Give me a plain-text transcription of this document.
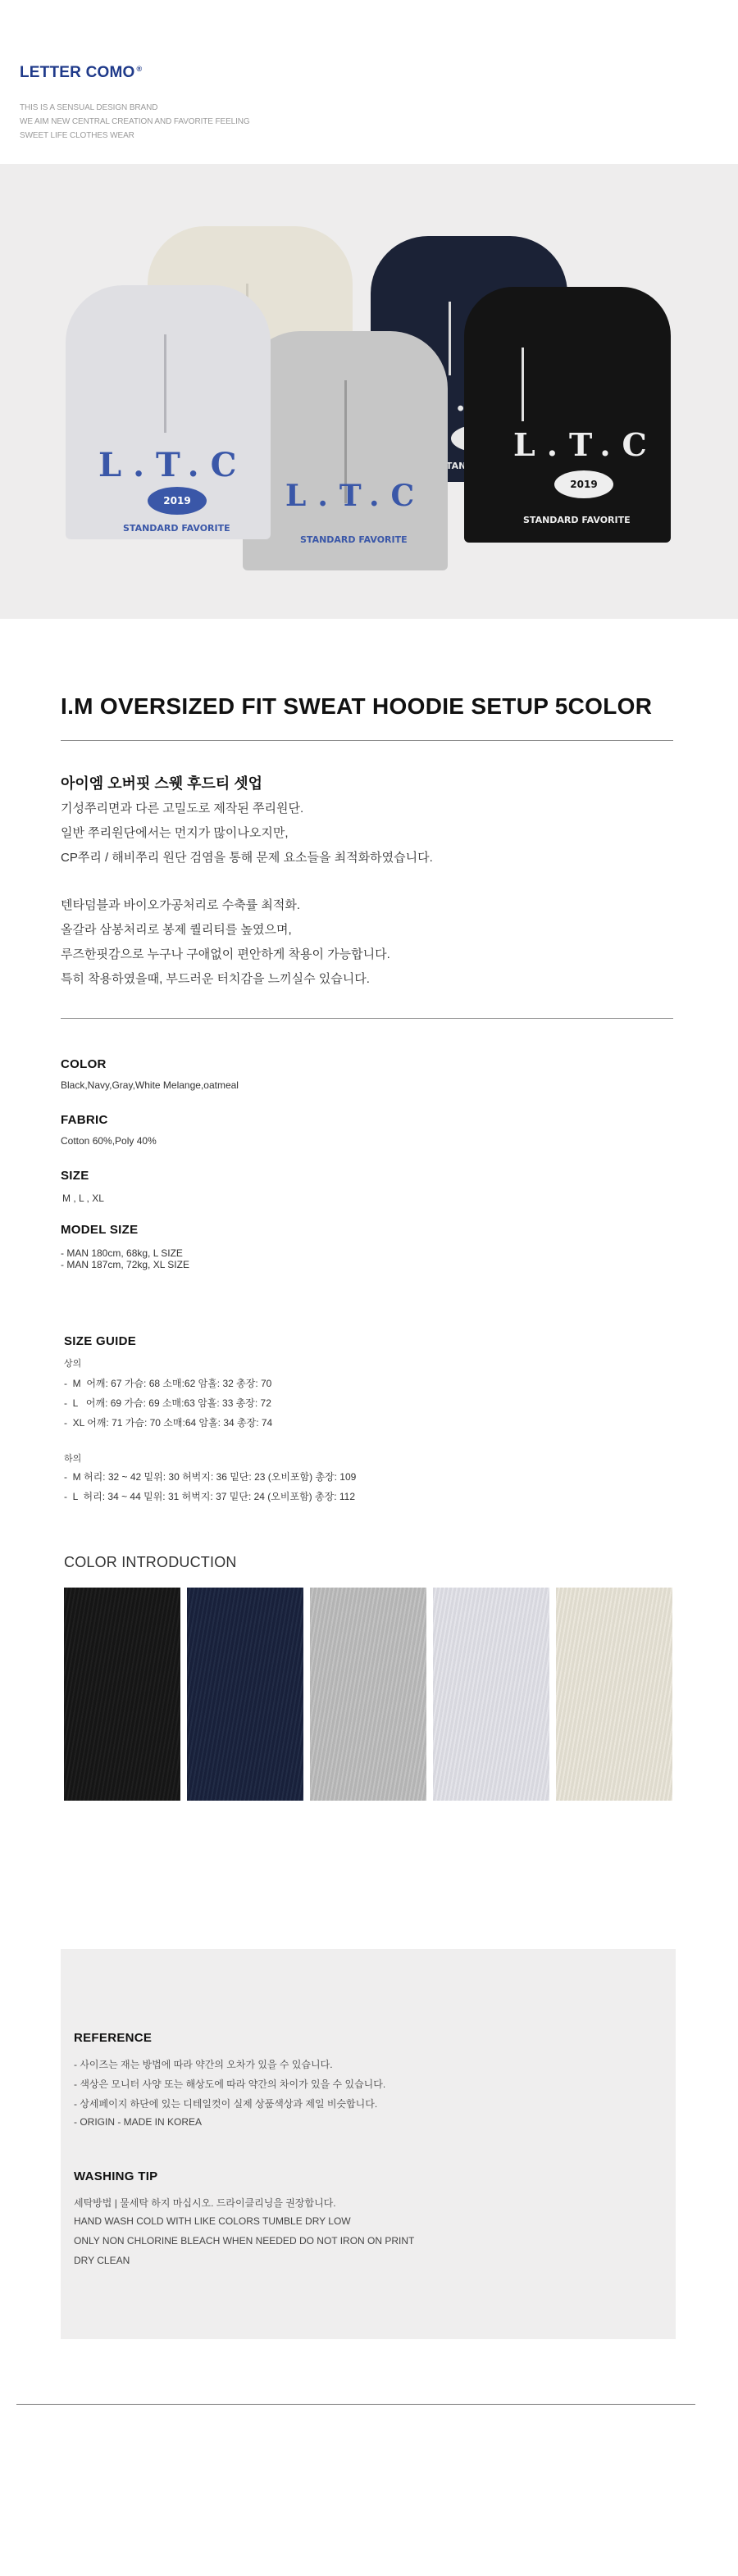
LETTER COMO ®
THIS IS A SENSUAL DESIGN BRAND
WE AIM NEW CENTRAL CREATION AND FAVORITE FEELING
SWEET LIFE CLOTHES WEAR
L.T.C
2019
STANDARD FAVORITE
L.T.C
STANDARD FAVORITE
L.T.C
2019
STANDARD FAVORITE
I.M OVERSIZED FIT SWEAT HOODIE SETUP 5COLOR
아이엠 오버핏 스웻 후드티 셋업
기성쭈리면과 다른 고밀도로 제작된 쭈리원단.
일반 쭈리원단에서는 먼지가 많이나오지만,
CP쭈리 / 해비쭈리 원단 검염을 통해 문제 요소들을 최적화하였습니다.
텐타덤블과 바이오가공처리로 수축률 최적화.
올갈라 삼봉처리로 봉제 퀄리티를 높였으며,
루즈한핏감으로 누구나 구애없이 편안하게 착용이 가능합니다.
특히 착용하였을때, 부드러운 터치감을 느끼실수 있습니다.
COLOR
Black,Navy,Gray,White Melange,oatmeal
FABRIC
Cotton 60%,Poly 40%
SIZE
M , L , XL
MODEL SIZE
- MAN 180cm, 68kg, L SIZE
- MAN 187cm, 72kg, XL SIZE
SIZE GUIDE
상의
-  M  어깨: 67 가슴: 68 소매:62 암홀: 32 총장: 70
-  L   어깨: 69 가슴: 69 소매:63 암홀: 33 총장: 72
-  XL 어깨: 71 가슴: 70 소매:64 암홀: 34 총장: 74
하의
-  M 허리: 32 ~ 42 밑위: 30 허벅지: 36 밑단: 23 (오비포함) 총장: 109
-  L  허리: 34 ~ 44 밑위: 31 허벅지: 37 밑단: 24 (오비포함) 총장: 112
COLOR INTRODUCTION
REFERENCE
- 사이즈는 재는 방법에 따라 약간의 오차가 있을 수 있습니다.
- 색상은 모니터 사양 또는 해상도에 따라 약간의 차이가 있을 수 있습니다.
- 상세페이지 하단에 있는 디테일컷이 실제 상품색상과 제일 비슷합니다.
- ORIGIN - MADE IN KOREA
WASHING TIP
세탁방법 | 물세탁 하지 마십시오. 드라이클리닝을 권장합니다.
HAND WASH COLD WITH LIKE COLORS TUMBLE DRY LOW
ONLY NON CHLORINE BLEACH WHEN NEEDED DO NOT IRON ON PRINT
DRY CLEAN
